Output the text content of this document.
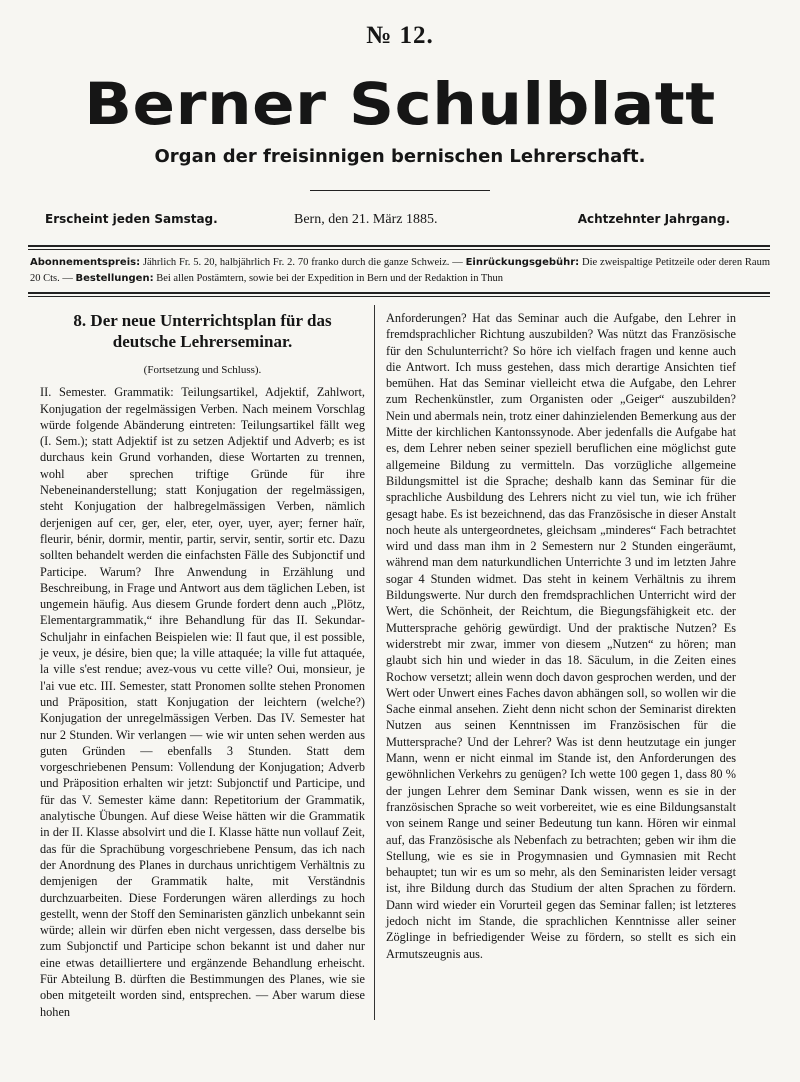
№ 12.
Berner Schulblatt
Organ der freisinnigen bernischen Lehrerschaft.
Erscheint jeden Samstag.	Bern, den 21. März 1885.	Achtzehnter Jahrgang.
Abonnementspreis: Jährlich Fr. 5. 20, halbjährlich Fr. 2. 70 franko durch die ganze Schweiz. — Einrückungsgebühr: Die zweispaltige Petitzeile oder deren Raum 20 Cts. — Bestellungen: Bei allen Postämtern, sowie bei der Expedition in Bern und der Redaktion in Thun
8. Der neue Unterrichtsplan für das deutsche Lehrerseminar.
(Fortsetzung und Schluss).

II. Semester. Grammatik: Teilungsartikel, Adjektif, Zahlwort, Konjugation der regelmässigen Verben. Nach meinem Vorschlag würde folgende Abänderung eintreten: Teilungsartikel fällt weg (I. Sem.); statt Adjektif ist zu setzen Adjektif und Adverb; es ist durchaus kein Grund vorhanden, diese Wortarten zu trennen, wohl aber sprechen triftige Gründe für ihre Nebeneinanderstellung; statt Konjugation der regelmässigen, steht Konjugation der halbregelmässigen Verben, nämlich derjenigen auf cer, ger, eler, eter, oyer, uyer, ayer; ferner haïr, fleurir, bénir, dormir, mentir, partir, servir, sentir, sortir etc. Dazu sollten behandelt werden die einfachsten Fälle des Subjonctif und Participe. Warum? Ihre Anwendung in Erzählung und Beschreibung, in Frage und Antwort aus dem täglichen Leben, ist ungemein häufig. Aus diesem Grunde fordert denn auch „Plötz, Elementargrammatik,“ ihre Behandlung für das II. Sekundar-Schuljahr in einfachen Beispielen wie: Il faut que, il est possible, je veux, je désire, bien que; la ville attaquée; la ville fut attaquée, la ville s'est rendue; avez-vous vu cette ville? Oui, monsieur, je l'ai vue etc. III. Semester, statt Pronomen sollte stehen Pronomen und Präposition, statt Konjugation der leichtern (welche?) Konjugation der unregelmässigen Verben. Das IV. Semester hat nur 2 Stunden. Wir verlangen — wie wir unten sehen werden aus guten Gründen — ebenfalls 3 Stunden. Statt dem vorgeschriebenen Pensum: Vollendung der Konjugation; Adverb und Präposition erhalten wir jetzt: Subjonctif und Participe, und für das V. Semester käme dann: Repetitorium der Grammatik, analytische Übungen. Auf diese Weise hätten wir die Grammatik in der II. Klasse absolvirt und die I. Klasse hätte nun vollauf Zeit, das für die Sprachübung vorgeschriebene Pensum, das ich nach der Anordnung des Planes in durchaus unrichtigem Verhältnis zu demjenigen der Grammatik halte, mit Verständnis durchzuarbeiten. Diese Forderungen wären allerdings zu hoch gestellt, wenn der Stoff den Seminaristen gänzlich unbekannt sein würde; allein wir dürfen eben nicht vergessen, dass derselbe bis zum Subjonctif und Participe schon bekannt ist und daher nur eine etwas detailliertere und ergänzende Behandlung erheischt. Für Abteilung B. dürften die Bestimmungen des Planes, wie sie oben mitgeteilt worden sind, entsprechen. — Aber warum diese hohen

Anforderungen? Hat das Seminar auch die Aufgabe, den Lehrer in fremdsprachlicher Richtung auszubilden? Was nützt das Französische für den Schulunterricht? So höre ich vielfach fragen und kenne auch die Antwort. Ich muss gestehen, dass mich derartige Ansichten tief bemühen. Hat das Seminar vielleicht etwa die Aufgabe, den Lehrer zum Rechenkünstler, zum Organisten oder „Geiger“ auszubilden? Nein und abermals nein, trotz einer dahinzielenden Bemerkung aus der Mitte der kirchlichen Kantonssynode. Aber jedenfalls die Aufgabe hat es, dem Lehrer neben seiner speziell beruflichen eine möglichst gute allgemeine Bildung zu vermitteln. Das vorzügliche allgemeine Bildungsmittel ist die Sprache; deshalb kann das Seminar für die sprachliche Ausbildung des Lehrers nicht zu viel tun, wie ich früher gesagt habe. Es ist bezeichnend, das das Französische in dieser Anstalt noch heute als untergeordnetes, gleichsam „minderes“ Fach betrachtet wird und dass man ihm in 2 Semestern nur 2 Stunden eingeräumt, während man dem naturkundlichen Unterrichte 3 und im letzten Jahre sogar 4 Stunden widmet. Das steht in keinem Verhältnis zu ihrem Bildungswerte. Nur durch den fremdsprachlichen Unterricht wird der Wert, die Schönheit, der Reichtum, die Biegungsfähigkeit etc. der Muttersprache gehörig gewürdigt. Und der praktische Nutzen? Es widerstrebt mir zwar, immer von diesem „Nutzen“ zu hören; man glaubt sich hin und wieder in das 18. Säculum, in die Zeiten eines Rochow versetzt; allein wenn doch davon gesprochen werden, und der Wert oder Unwert eines Faches davon abhängen soll, so wollen wir die Sache einmal ansehen. Zieht denn nicht schon der Seminarist direkten Nutzen aus seinen Kenntnissen im Französischen für die Muttersprache? Und der Lehrer? Was ist denn heutzutage ein junger Mann, wenn er nicht einmal im Stande ist, den Anforderungen des gewöhnlichen Verkehrs zu genügen? Ich wette 100 gegen 1, dass 80 % der jungen Lehrer dem Seminar Dank wissen, wenn es sie in der französischen Sprache so weit vorbereitet, wie es eine Bildungsanstalt von seinem Range und seiner Bedeutung tun kann. Hören wir einmal auf, das Französische als Nebenfach zu betrachten; geben wir ihm die Stellung, wie es sie in Progymnasien und Gymnasien mit Recht behauptet; tun wir es um so mehr, als den Seminaristen leider versagt ist, ihre Bildung durch das Studium der alten Sprachen zu fördern. Dann wird wieder ein Vorurteil gegen das Seminar fallen; ist letzteres jedoch nicht im Stande, die sprachlichen Kenntnisse aller seiner Zöglinge in befriedigender Weise zu fördern, so stellt es sich ein Armutszeugnis aus.
